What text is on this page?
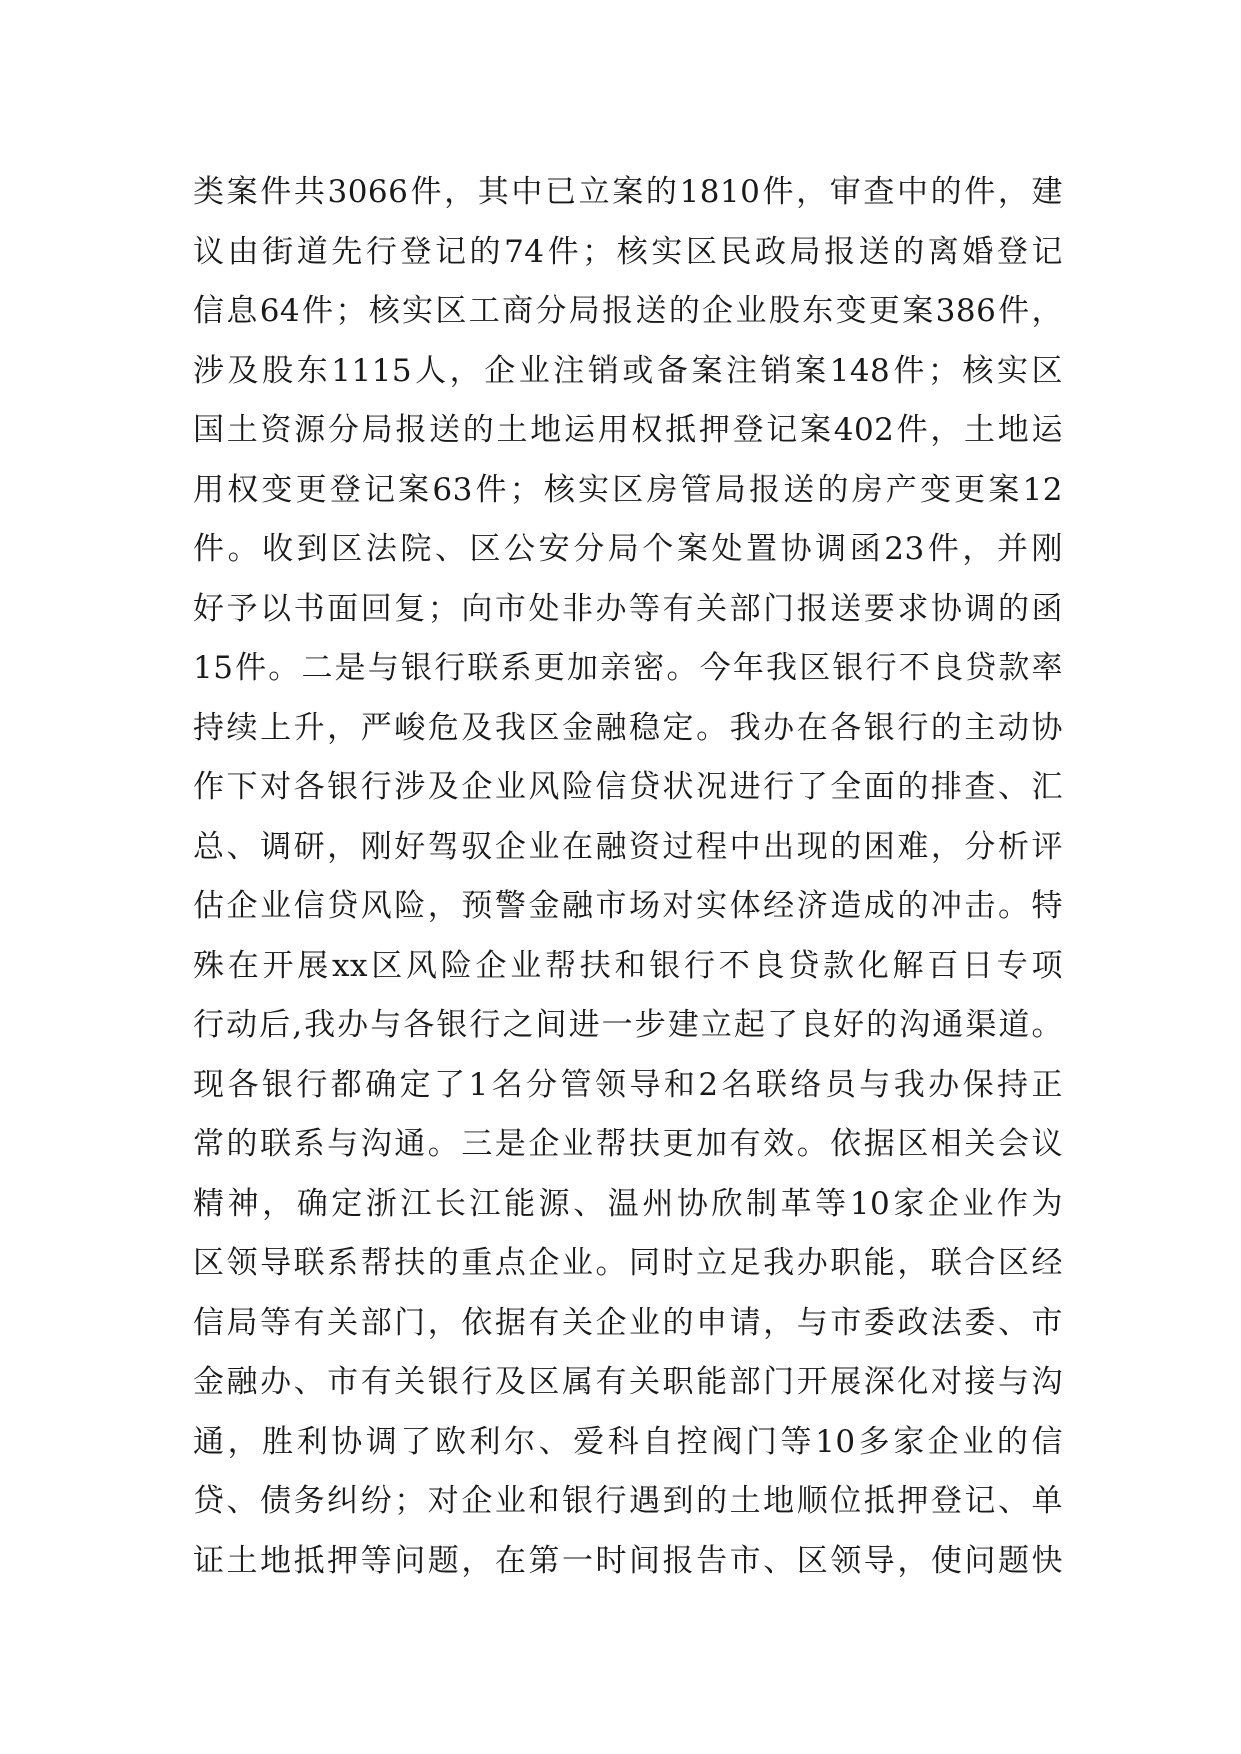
类案件共3066件，其中已立案的1810件，审查中的件，建
议由街道先行登记的74件；核实区民政局报送的离婚登记
信息64件；核实区工商分局报送的企业股东变更案386件，
涉及股东1115人，企业注销或备案注销案148件；核实区
国土资源分局报送的土地运用权抵押登记案402件，土地运
用权变更登记案63件；核实区房管局报送的房产变更案12
件。收到区法院、区公安分局个案处置协调函23件，并刚
好予以书面回复；向市处非办等有关部门报送要求协调的函
15件。二是与银行联系更加亲密。今年我区银行不良贷款率
持续上升，严峻危及我区金融稳定。我办在各银行的主动协
作下对各银行涉及企业风险信贷状况进行了全面的排查、汇
总、调研，刚好驾驭企业在融资过程中出现的困难，分析评
估企业信贷风险，预警金融市场对实体经济造成的冲击。特
殊在开展xx区风险企业帮扶和银行不良贷款化解百日专项
行动后,我办与各银行之间进一步建立起了良好的沟通渠道。
现各银行都确定了1名分管领导和2名联络员与我办保持正
常的联系与沟通。三是企业帮扶更加有效。依据区相关会议
精神，确定浙江长江能源、温州协欣制革等10家企业作为
区领导联系帮扶的重点企业。同时立足我办职能，联合区经
信局等有关部门，依据有关企业的申请，与市委政法委、市
金融办、市有关银行及区属有关职能部门开展深化对接与沟
通，胜利协调了欧利尔、爱科自控阀门等10多家企业的信
贷、债务纠纷；对企业和银行遇到的土地顺位抵押登记、单
证土地抵押等问题，在第一时间报告市、区领导，使问题快
